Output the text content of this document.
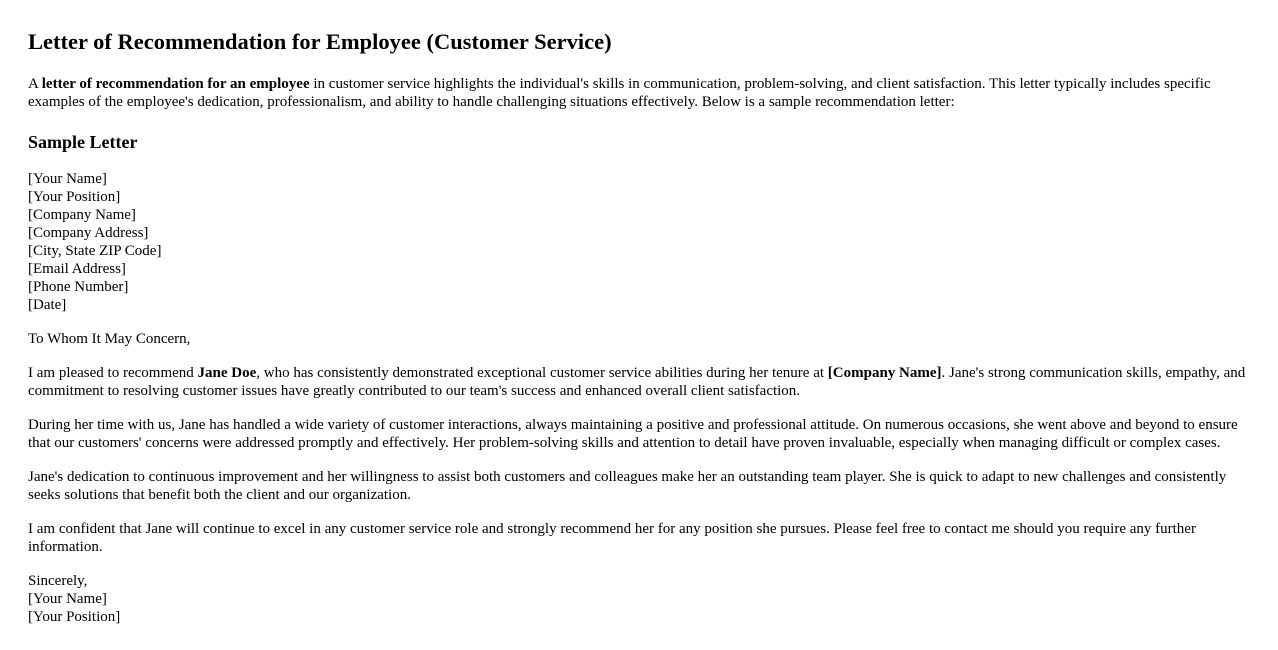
Letter of Recommendation for Employee (Customer Service)
A letter of recommendation for an employee in customer service highlights the individual's skills in communication, problem-solving, and client satisfaction. This letter typically includes specific examples of the employee's dedication, professionalism, and ability to handle challenging situations effectively. Below is a sample recommendation letter:
Sample Letter
[Your Name]
[Your Position]
[Company Name]
[Company Address]
[City, State ZIP Code]
[Email Address]
[Phone Number]
[Date]

To Whom It May Concern,

I am pleased to recommend Jane Doe, who has consistently demonstrated exceptional customer service abilities during her tenure at [Company Name]. Jane's strong communication skills, empathy, and commitment to resolving customer issues have greatly contributed to our team's success and enhanced overall client satisfaction.

During her time with us, Jane has handled a wide variety of customer interactions, always maintaining a positive and professional attitude. On numerous occasions, she went above and beyond to ensure that our customers' concerns were addressed promptly and effectively. Her problem-solving skills and attention to detail have proven invaluable, especially when managing difficult or complex cases.

Jane's dedication to continuous improvement and her willingness to assist both customers and colleagues make her an outstanding team player. She is quick to adapt to new challenges and consistently seeks solutions that benefit both the client and our organization.

I am confident that Jane will continue to excel in any customer service role and strongly recommend her for any position she pursues. Please feel free to contact me should you require any further information.

Sincerely,
[Your Name]
[Your Position]
